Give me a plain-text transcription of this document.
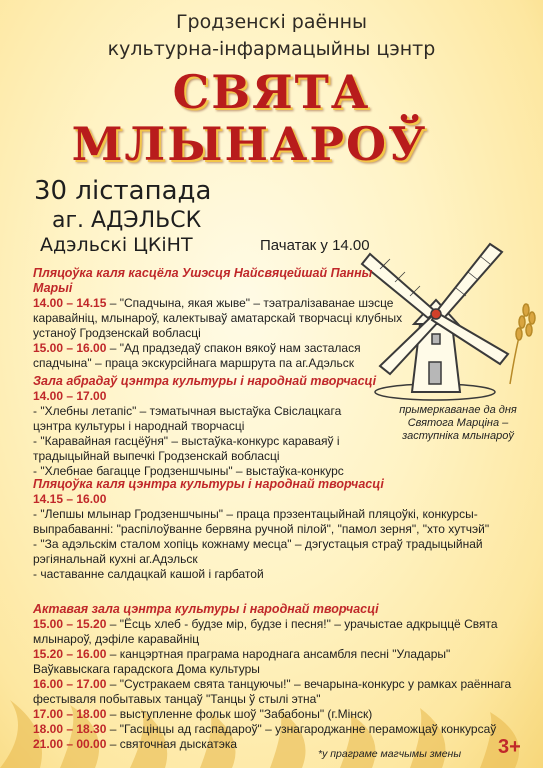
Гродзенскі раённы
культурна-інфармацыйны цэнтр
СВЯТА
МЛЫНАРОЎ
30 лістапада
аг. АДЭЛЬСК
Адэльскі ЦКіНТ	Пачатак у 14.00
прымеркаванае да дня Святога Марціна – заступніка млынароў
Пляцоўка каля касцёла Ушэсця Найсвяцейшай Панны Марыі

14.00 – 14.15 – "Спадчына, якая жыве" – тэатралізаванае шэсце каравайніц, млынароў, калектываў аматарскай творчасці клубных устаноў Гродзенскай вобласці

15.00 – 16.00 – "Ад прадзедаў спакон вякоў нам засталася спадчына" – праца экскурсійнага маршрута па аг.Адэльск

Зала абрадаў цэнтра культуры і народнай творчасці

14.00 – 17.00

- "Хлебны летапіс" – тэматычная выстаўка Свіслацкага цэнтра культуры і народнай творчасці

- "Каравайная гасцёўня" – выстаўка-конкурс караваяў і традыцыйнай выпечкі Гродзенскай вобласці

- "Хлебнае багацце Гродзеншчыны" – выстаўка-конкурс

Пляцоўка каля цэнтра культуры і народнай творчасці

14.15 – 16.00

- "Лепшы млынар Гродзеншчыны" – праца прэзентацыйнай пляцоўкі, конкурсы-выпрабаванні: "распілоўванне бервяна ручной пілой", "памол зерня", "хто хутчэй"

- "За адэльскім сталом хопіць кожнаму месца" – дэгустацыя страў традыцыйнай рэгіянальнай кухні аг.Адэльск

- частаванне салдацкай кашой і гарбатой

Актавая зала цэнтра культуры і народнай творчасці

15.00 – 15.20 – "Ёсць хлеб - будзе мір, будзе і песня!" – урачыстае адкрыццё Свята млынароў, дэфіле каравайніц

15.20 – 16.00 – канцэртная праграма народнага ансамбля песні "Уладары" Ваўкавыскага гарадскога Дома культуры

16.00 – 17.00 – "Сустракаем свята танцуючы!" – вечарына-конкурс у рамках раённага фестываля побытавых танцаў "Танцы ў стылі этна"

17.00 – 18.00 – выступленне фольк шоў "Забабоны" (г.Мінск)

18.00 – 18.30 – "Гасцінцы ад гаспадароў" – узнагароджанне пераможцаў конкурсаў

21.00 – 00.00 – святочная дыскатэка

*у праграме магчымы змены 3+
